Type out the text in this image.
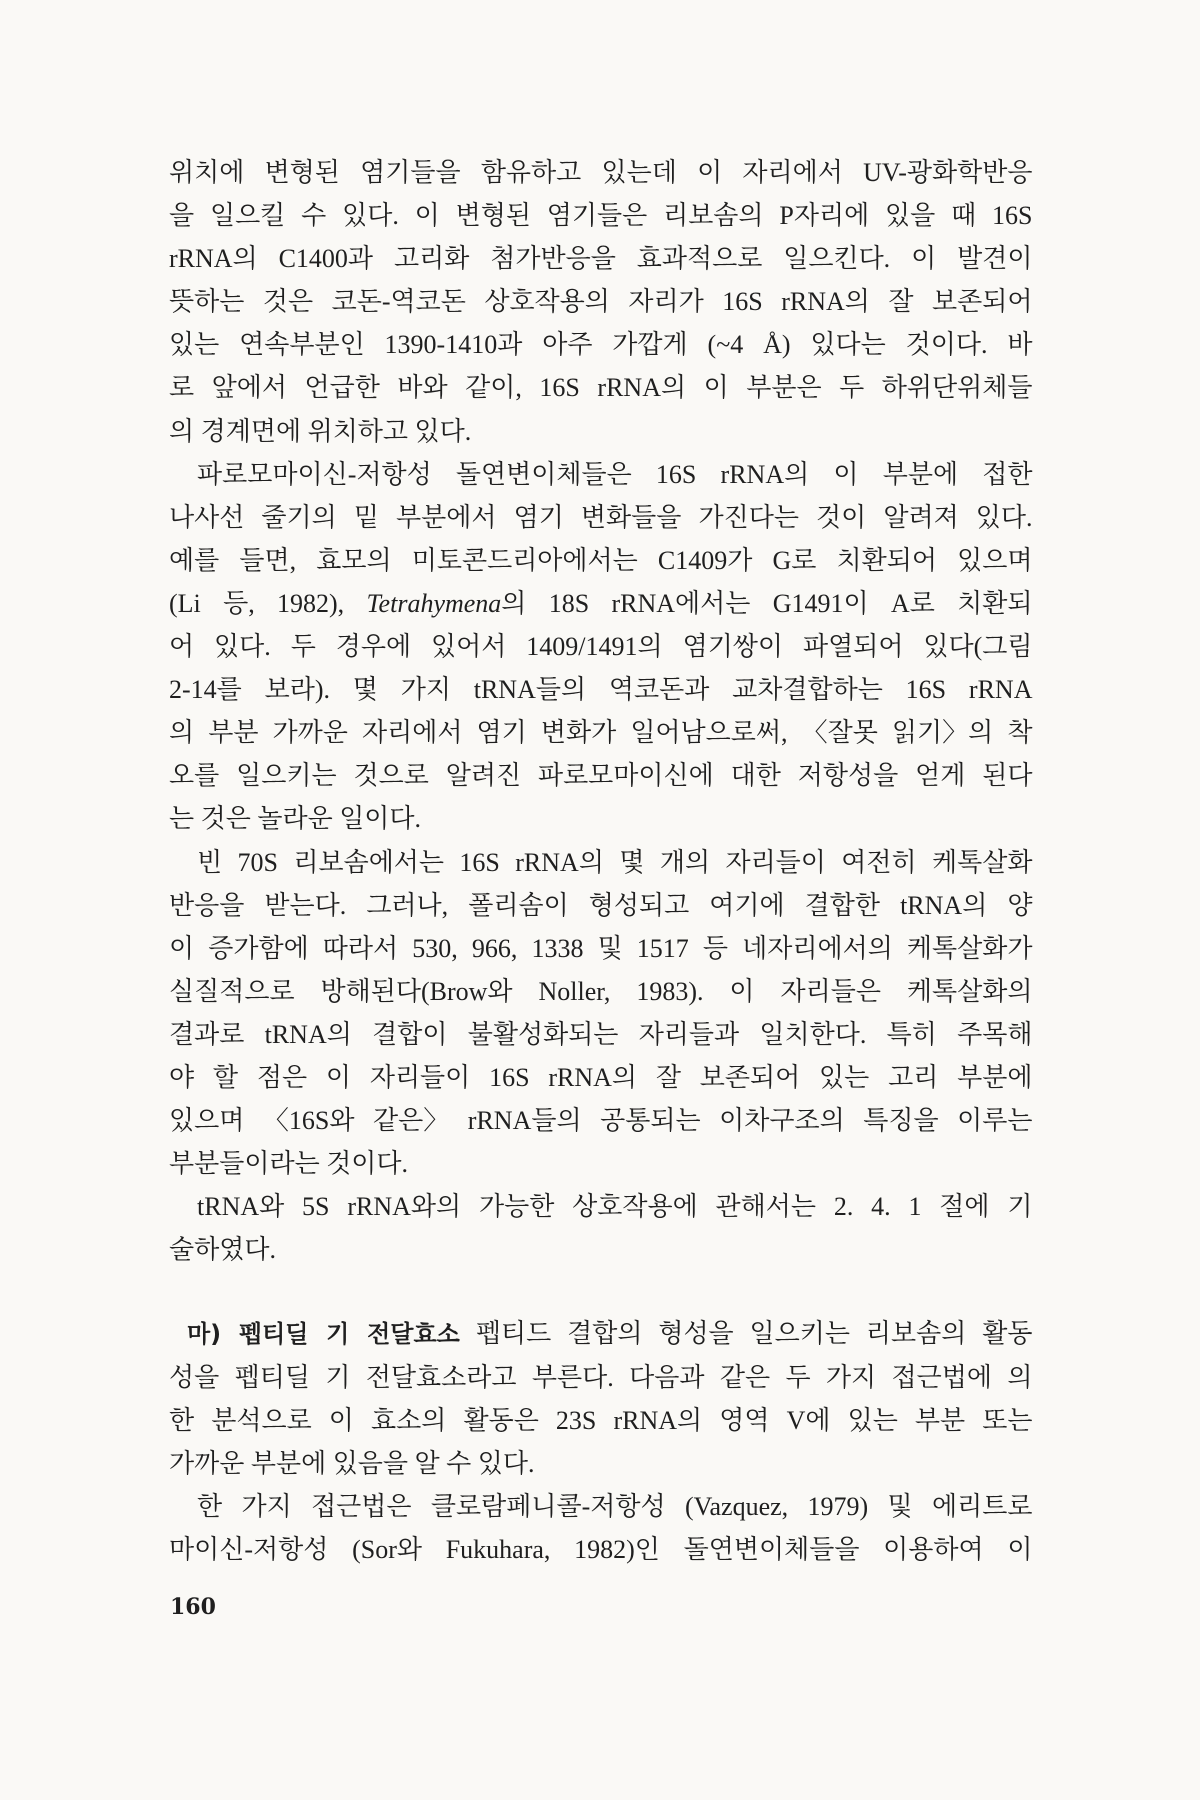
위치에 변형된 염기들을 함유하고 있는데 이 자리에서 UV-광화학반응
을 일으킬 수 있다. 이 변형된 염기들은 리보솜의 P자리에 있을 때 16S
rRNA의 C1400과 고리화 첨가반응을 효과적으로 일으킨다. 이 발견이
뜻하는 것은 코돈-역코돈 상호작용의 자리가 16S rRNA의 잘 보존되어
있는 연속부분인 1390-1410과 아주 가깝게 (~4 Å) 있다는 것이다. 바
로 앞에서 언급한 바와 같이, 16S rRNA의 이 부분은 두 하위단위체들
의 경계면에 위치하고 있다.
파로모마이신-저항성 돌연변이체들은 16S rRNA의 이 부분에 접한
나사선 줄기의 밑 부분에서 염기 변화들을 가진다는 것이 알려져 있다.
예를 들면, 효모의 미토콘드리아에서는 C1409가 G로 치환되어 있으며
(Li 등, 1982), Tetrahymena의 18S rRNA에서는 G1491이 A로 치환되
어 있다. 두 경우에 있어서 1409/1491의 염기쌍이 파열되어 있다(그림
2-14를 보라). 몇 가지 tRNA들의 역코돈과 교차결합하는 16S rRNA
의 부분 가까운 자리에서 염기 변화가 일어남으로써, 〈잘못 읽기〉의 착
오를 일으키는 것으로 알려진 파로모마이신에 대한 저항성을 얻게 된다
는 것은 놀라운 일이다.
빈 70S 리보솜에서는 16S rRNA의 몇 개의 자리들이 여전히 케톡살화
반응을 받는다. 그러나, 폴리솜이 형성되고 여기에 결합한 tRNA의 양
이 증가함에 따라서 530, 966, 1338 및 1517 등 네자리에서의 케톡살화가
실질적으로 방해된다(Brow와 Noller, 1983). 이 자리들은 케톡살화의
결과로 tRNA의 결합이 불활성화되는 자리들과 일치한다. 특히 주목해
야 할 점은 이 자리들이 16S rRNA의 잘 보존되어 있는 고리 부분에
있으며 〈16S와 같은〉 rRNA들의 공통되는 이차구조의 특징을 이루는
부분들이라는 것이다.
tRNA와 5S rRNA와의 가능한 상호작용에 관해서는 2. 4. 1 절에 기
술하였다.
마) 펩티딜 기 전달효소 펩티드 결합의 형성을 일으키는 리보솜의 활동
성을 펩티딜 기 전달효소라고 부른다. 다음과 같은 두 가지 접근법에 의
한 분석으로 이 효소의 활동은 23S rRNA의 영역 V에 있는 부분 또는
가까운 부분에 있음을 알 수 있다.
한 가지 접근법은 클로람페니콜-저항성 (Vazquez, 1979) 및 에리트로
마이신-저항성 (Sor와 Fukuhara, 1982)인 돌연변이체들을 이용하여 이
160
